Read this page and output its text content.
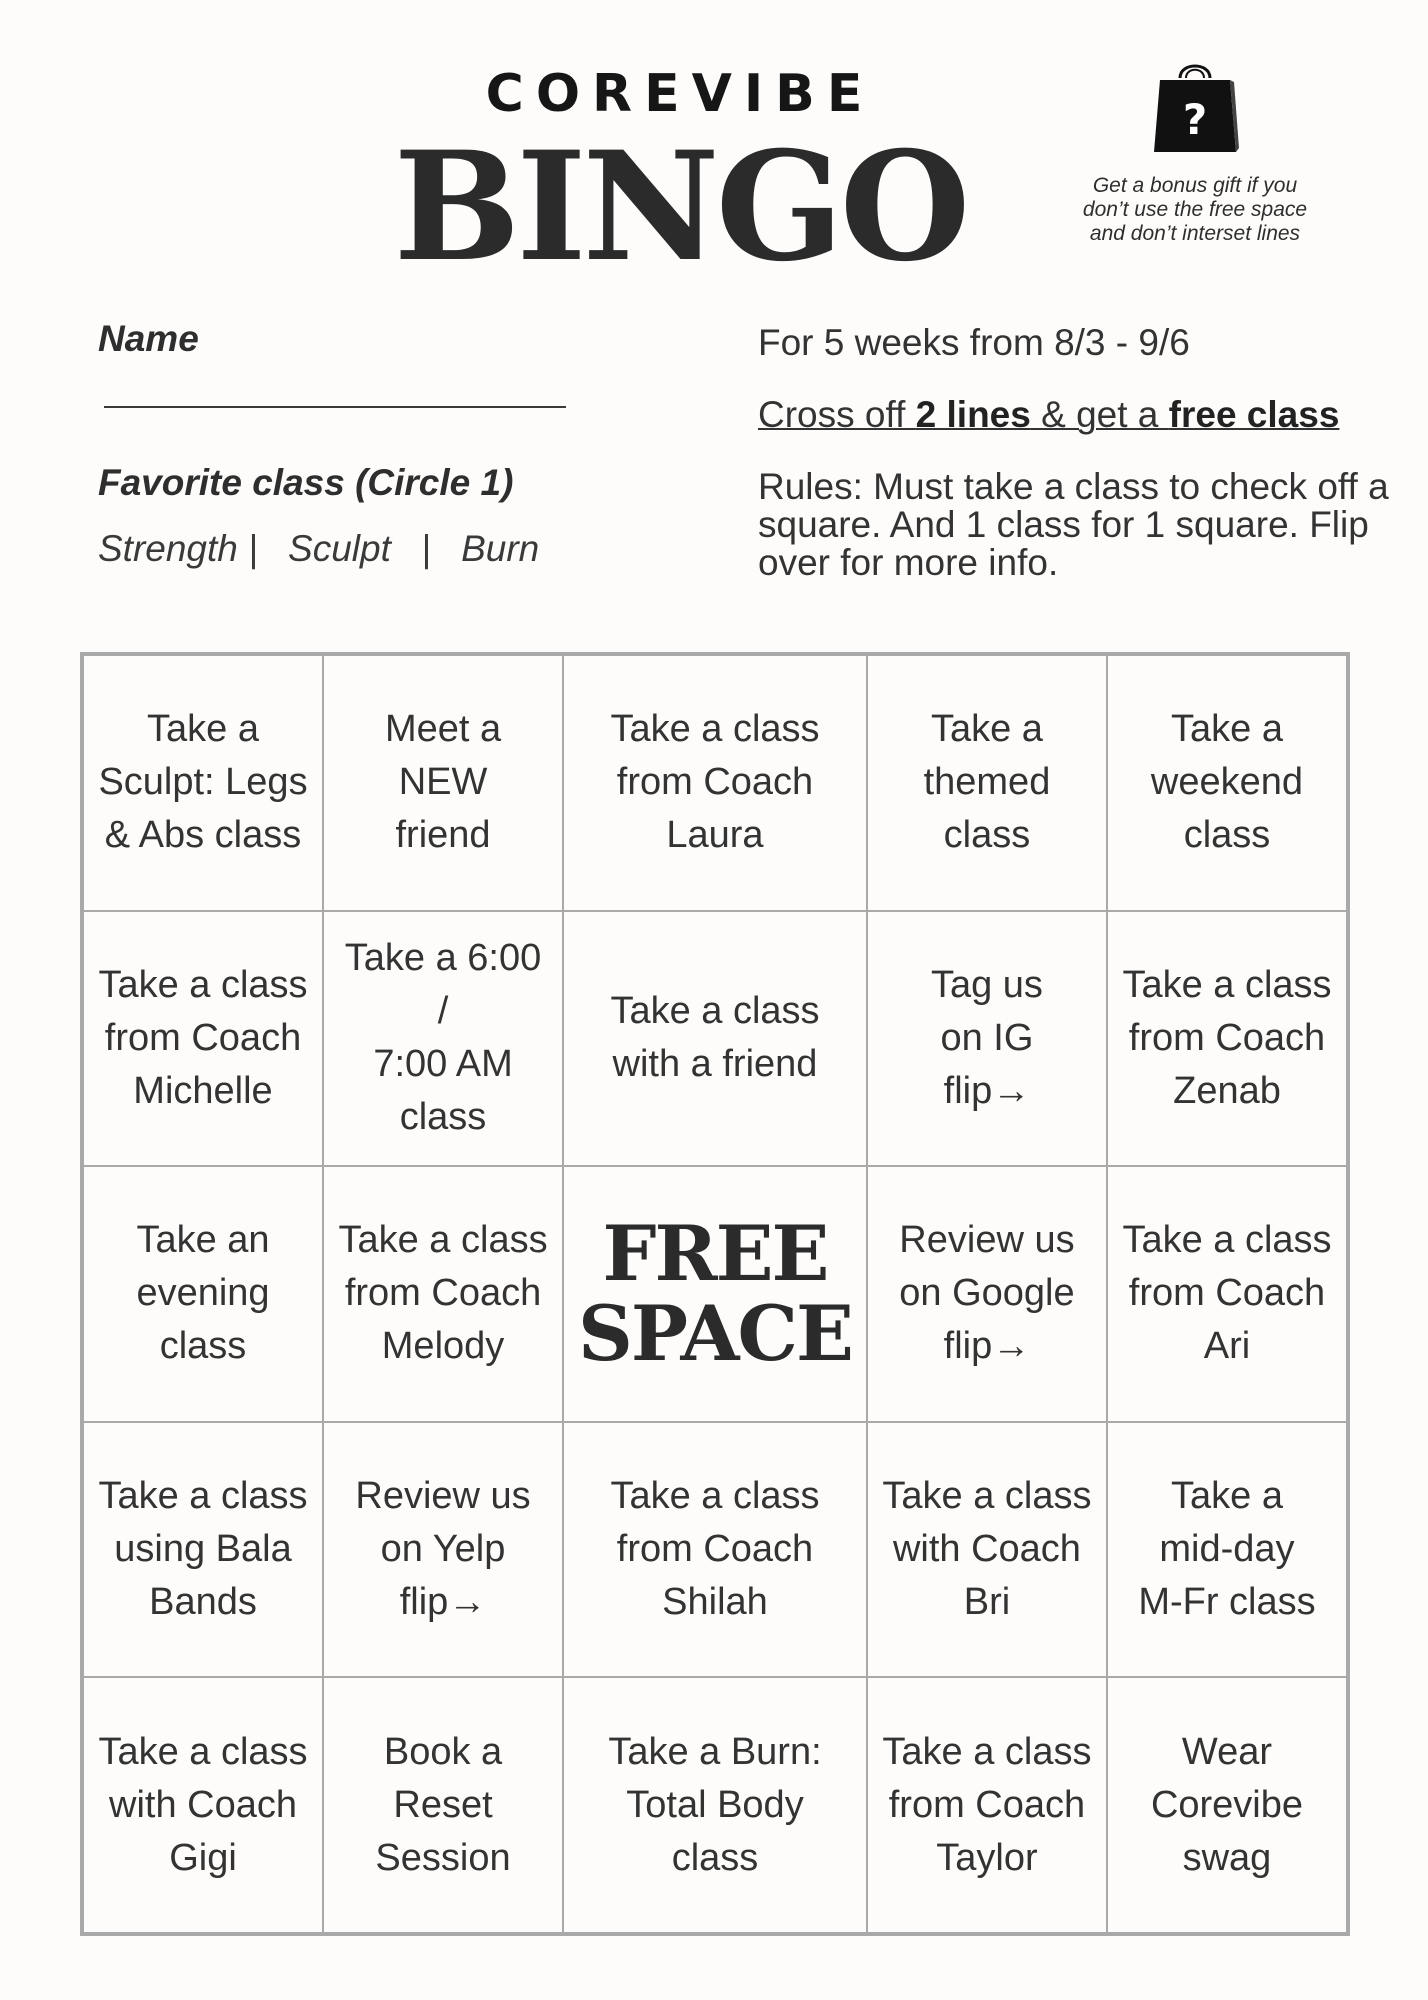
COREVIBE
BINGO	?
Get a bonus gift if you don’t use the free space and don’t interset lines
Name
Favorite class (Circle 1)
Strength | Sculpt | Burn
For 5 weeks from 8/3 - 9/6
Cross off 2 lines & get a free class
Rules: Must take a class to check off a square. And 1 class for 1 square. Flip over for more info.
Take a
Sculpt: Legs
& Abs class
Meet a NEW
friend
Take a class
from Coach
Laura
Take a
themed
class
Take a
weekend
class
Take a class
from Coach
Michelle
Take a 6:00 /
7:00 AM
class
Take a class
with a friend
Tag us
on IG
flip→
Take a class
from Coach
Zenab
Take an
evening
class
Take a class
from Coach
Melody
FREE
SPACE
Review us
on Google
flip→
Take a class
from Coach
Ari
Take a class
using Bala
Bands
Review us
on Yelp
flip→
Take a class
from Coach
Shilah
Take a class
with Coach
Bri
Take a
mid-day
M-Fr class
Take a class
with Coach
Gigi
Book a
Reset
Session
Take a Burn:
Total Body
class
Take a class
from Coach
Taylor
Wear
Corevibe
swag
